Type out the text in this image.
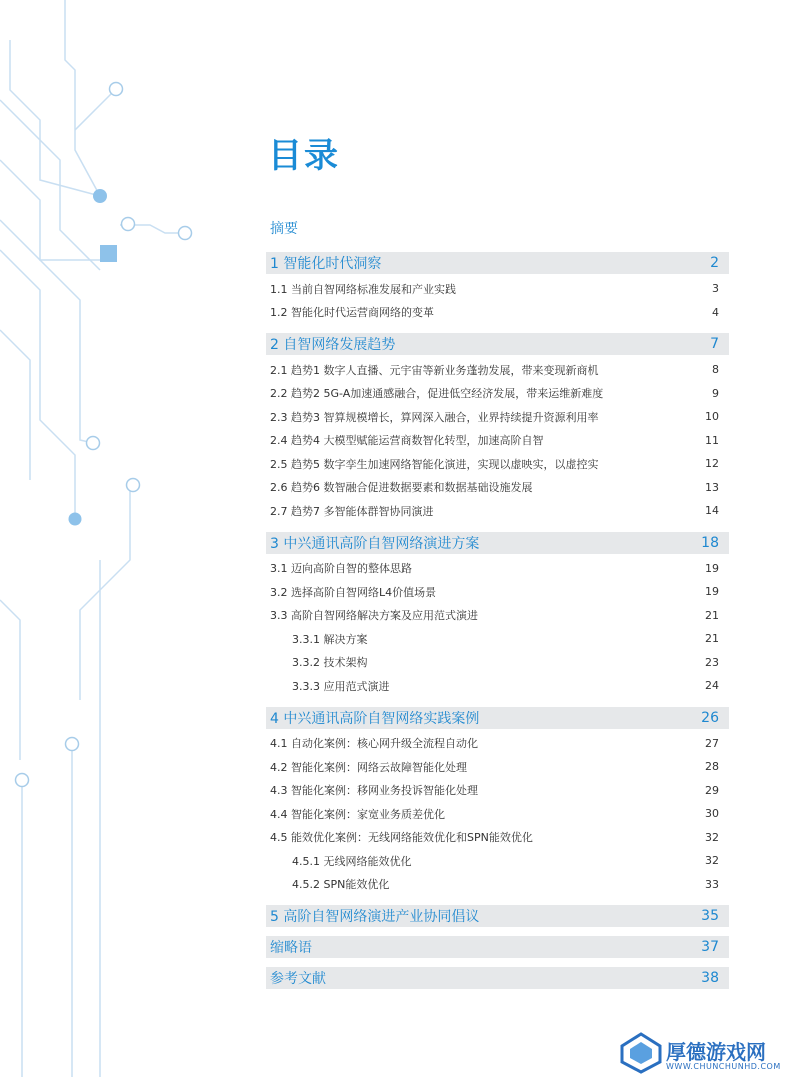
目录
摘要
1 智能化时代洞察	2
1.1 当前自智网络标准发展和产业实践	3
1.2 智能化时代运营商网络的变革	4
2 自智网络发展趋势	7
2.1 趋势1 数字人直播、元宇宙等新业务蓬勃发展，带来变现新商机	8
2.2 趋势2 5G-A加速通感融合，促进低空经济发展，带来运维新难度	9
2.3 趋势3 智算规模增长，算网深入融合，业界持续提升资源利用率	10
2.4 趋势4 大模型赋能运营商数智化转型，加速高阶自智	11
2.5 趋势5 数字孪生加速网络智能化演进，实现以虚映实，以虚控实	12
2.6 趋势6 数智融合促进数据要素和数据基础设施发展	13
2.7 趋势7 多智能体群智协同演进	14
3 中兴通讯高阶自智网络演进方案	18
3.1 迈向高阶自智的整体思路	19
3.2 选择高阶自智网络L4价值场景	19
3.3 高阶自智网络解决方案及应用范式演进	21
3.3.1 解决方案	21
3.3.2 技术架构	23
3.3.3 应用范式演进	24
4 中兴通讯高阶自智网络实践案例	26
4.1 自动化案例：核心网升级全流程自动化	27
4.2 智能化案例：网络云故障智能化处理	28
4.3 智能化案例：移网业务投诉智能化处理	29
4.4 智能化案例：家宽业务质差优化	30
4.5 能效优化案例：无线网络能效优化和SPN能效优化	32
4.5.1 无线网络能效优化	32
4.5.2 SPN能效优化	33
5 高阶自智网络演进产业协同倡议	35
缩略语	37
参考文献	38
厚德游戏网
WWW.CHUNCHUNHD.COM
